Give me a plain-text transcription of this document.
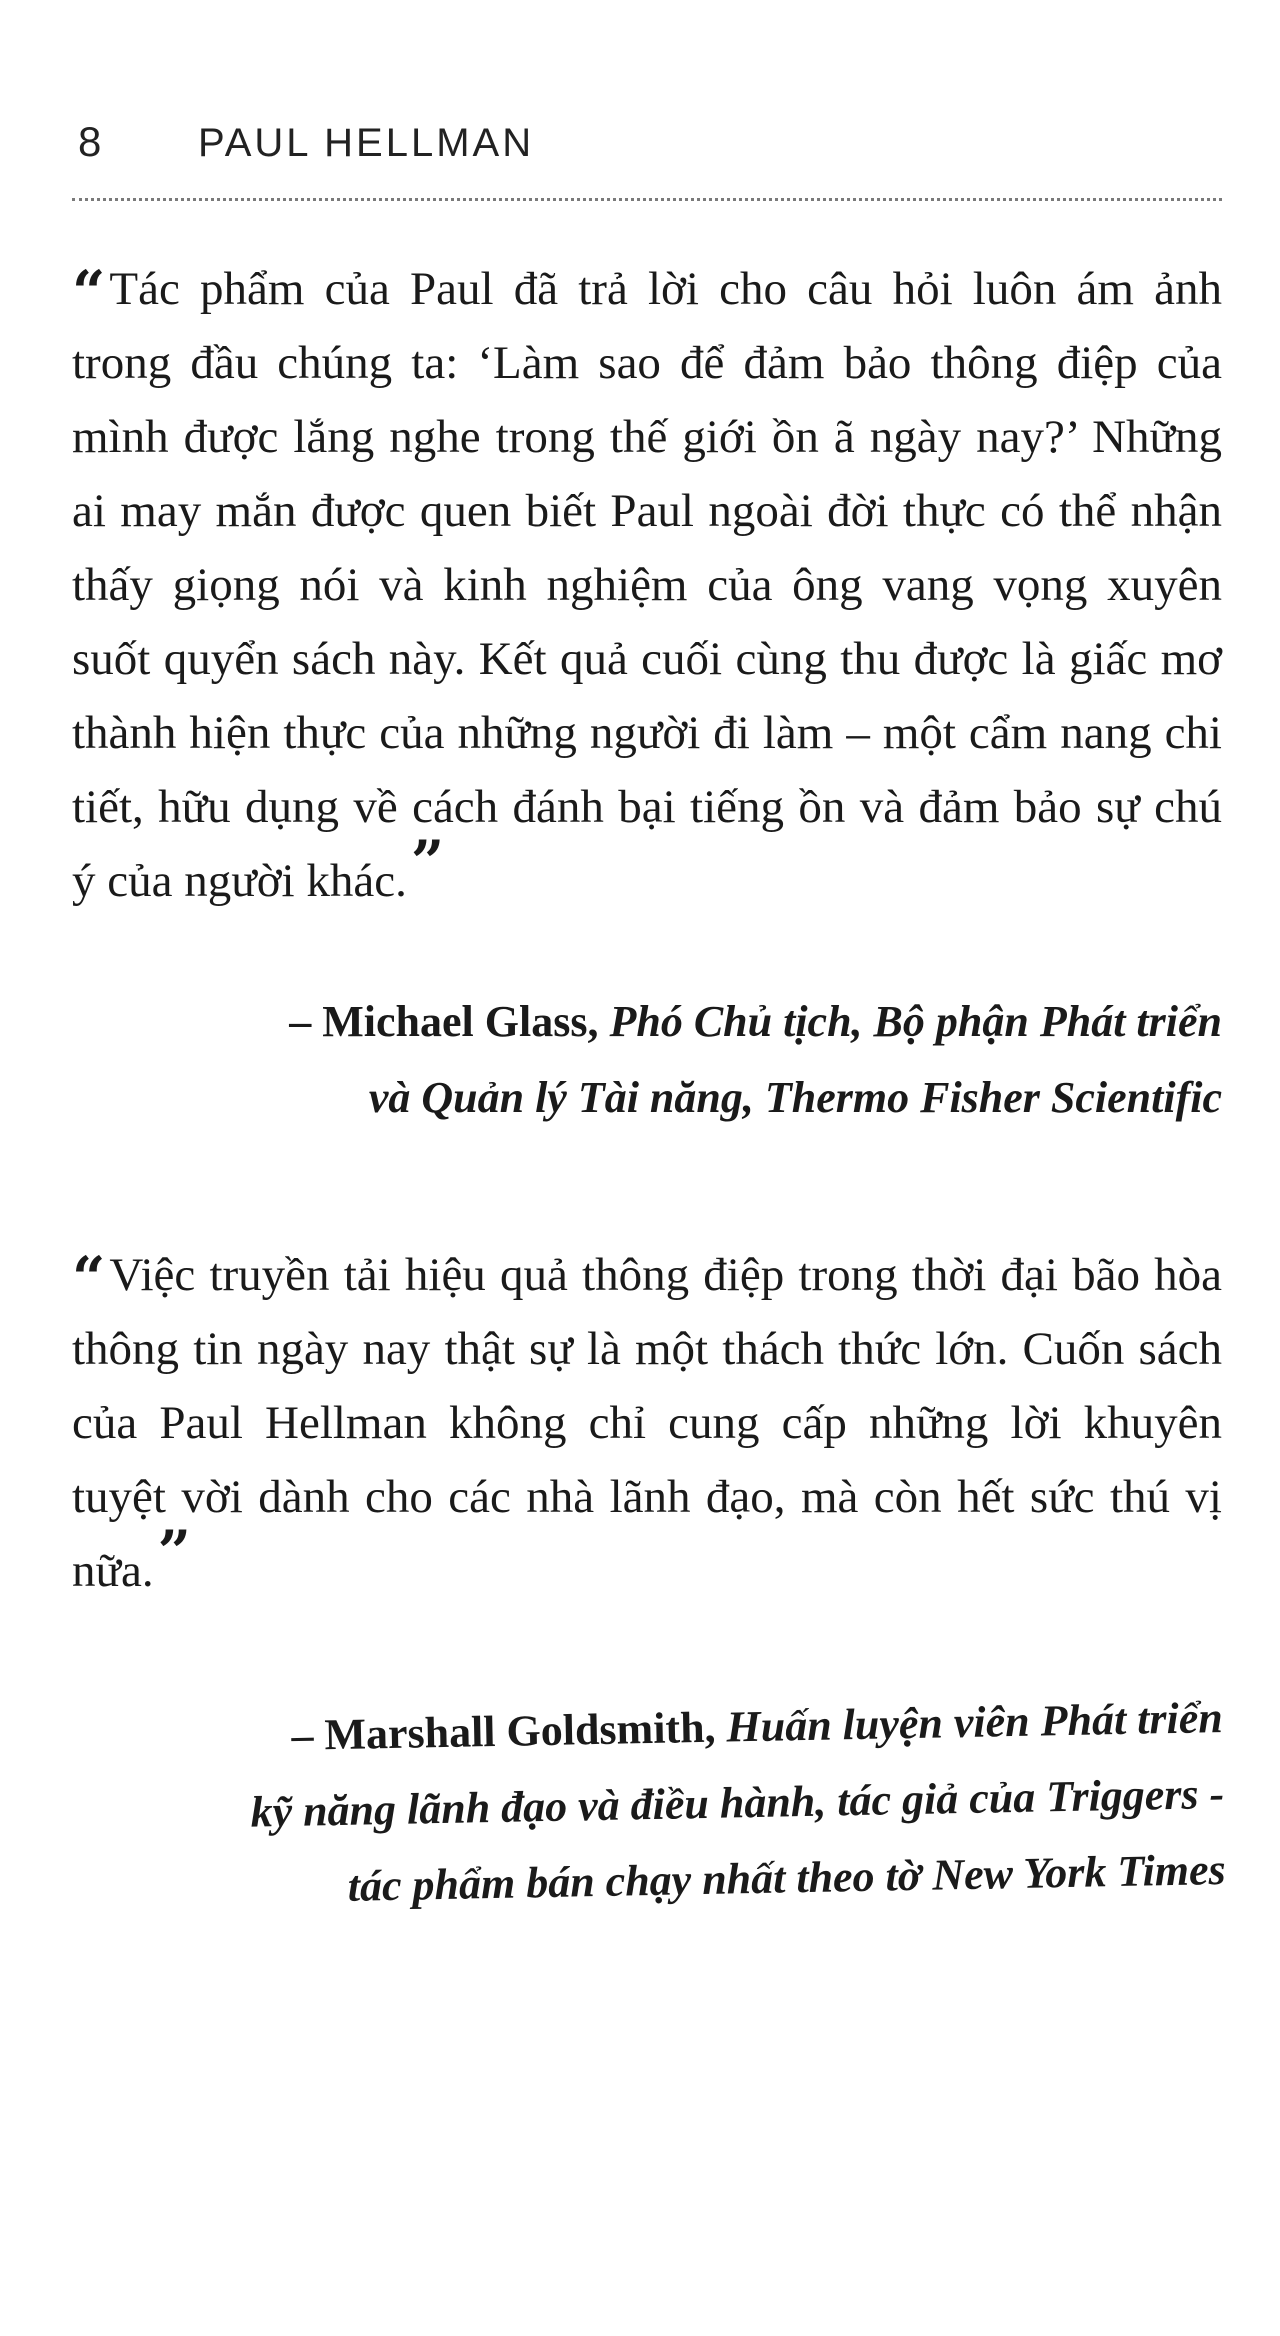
8	PAUL HELLMAN

“Tác phẩm của Paul đã trả lời cho câu hỏi luôn ám ảnh trong đầu chúng ta: ‘Làm sao để đảm bảo thông điệp của mình được lắng nghe trong thế giới ồn ã ngày nay?’ Những ai may mắn được quen biết Paul ngoài đời thực có thể nhận thấy giọng nói và kinh nghiệm của ông vang vọng xuyên suốt quyển sách này. Kết quả cuối cùng thu được là giấc mơ thành hiện thực của những người đi làm – một cẩm nang chi tiết, hữu dụng về cách đánh bại tiếng ồn và đảm bảo sự chú ý của người khác.”

– Michael Glass, Phó Chủ tịch, Bộ phận Phát triển
và Quản lý Tài năng, Thermo Fisher Scientific

“Việc truyền tải hiệu quả thông điệp trong thời đại bão hòa thông tin ngày nay thật sự là một thách thức lớn. Cuốn sách của Paul Hellman không chỉ cung cấp những lời khuyên tuyệt vời dành cho các nhà lãnh đạo, mà còn hết sức thú vị nữa.”

– Marshall Goldsmith, Huấn luyện viên Phát triển
kỹ năng lãnh đạo và điều hành, tác giả của Triggers -
tác phẩm bán chạy nhất theo tờ New York Times
